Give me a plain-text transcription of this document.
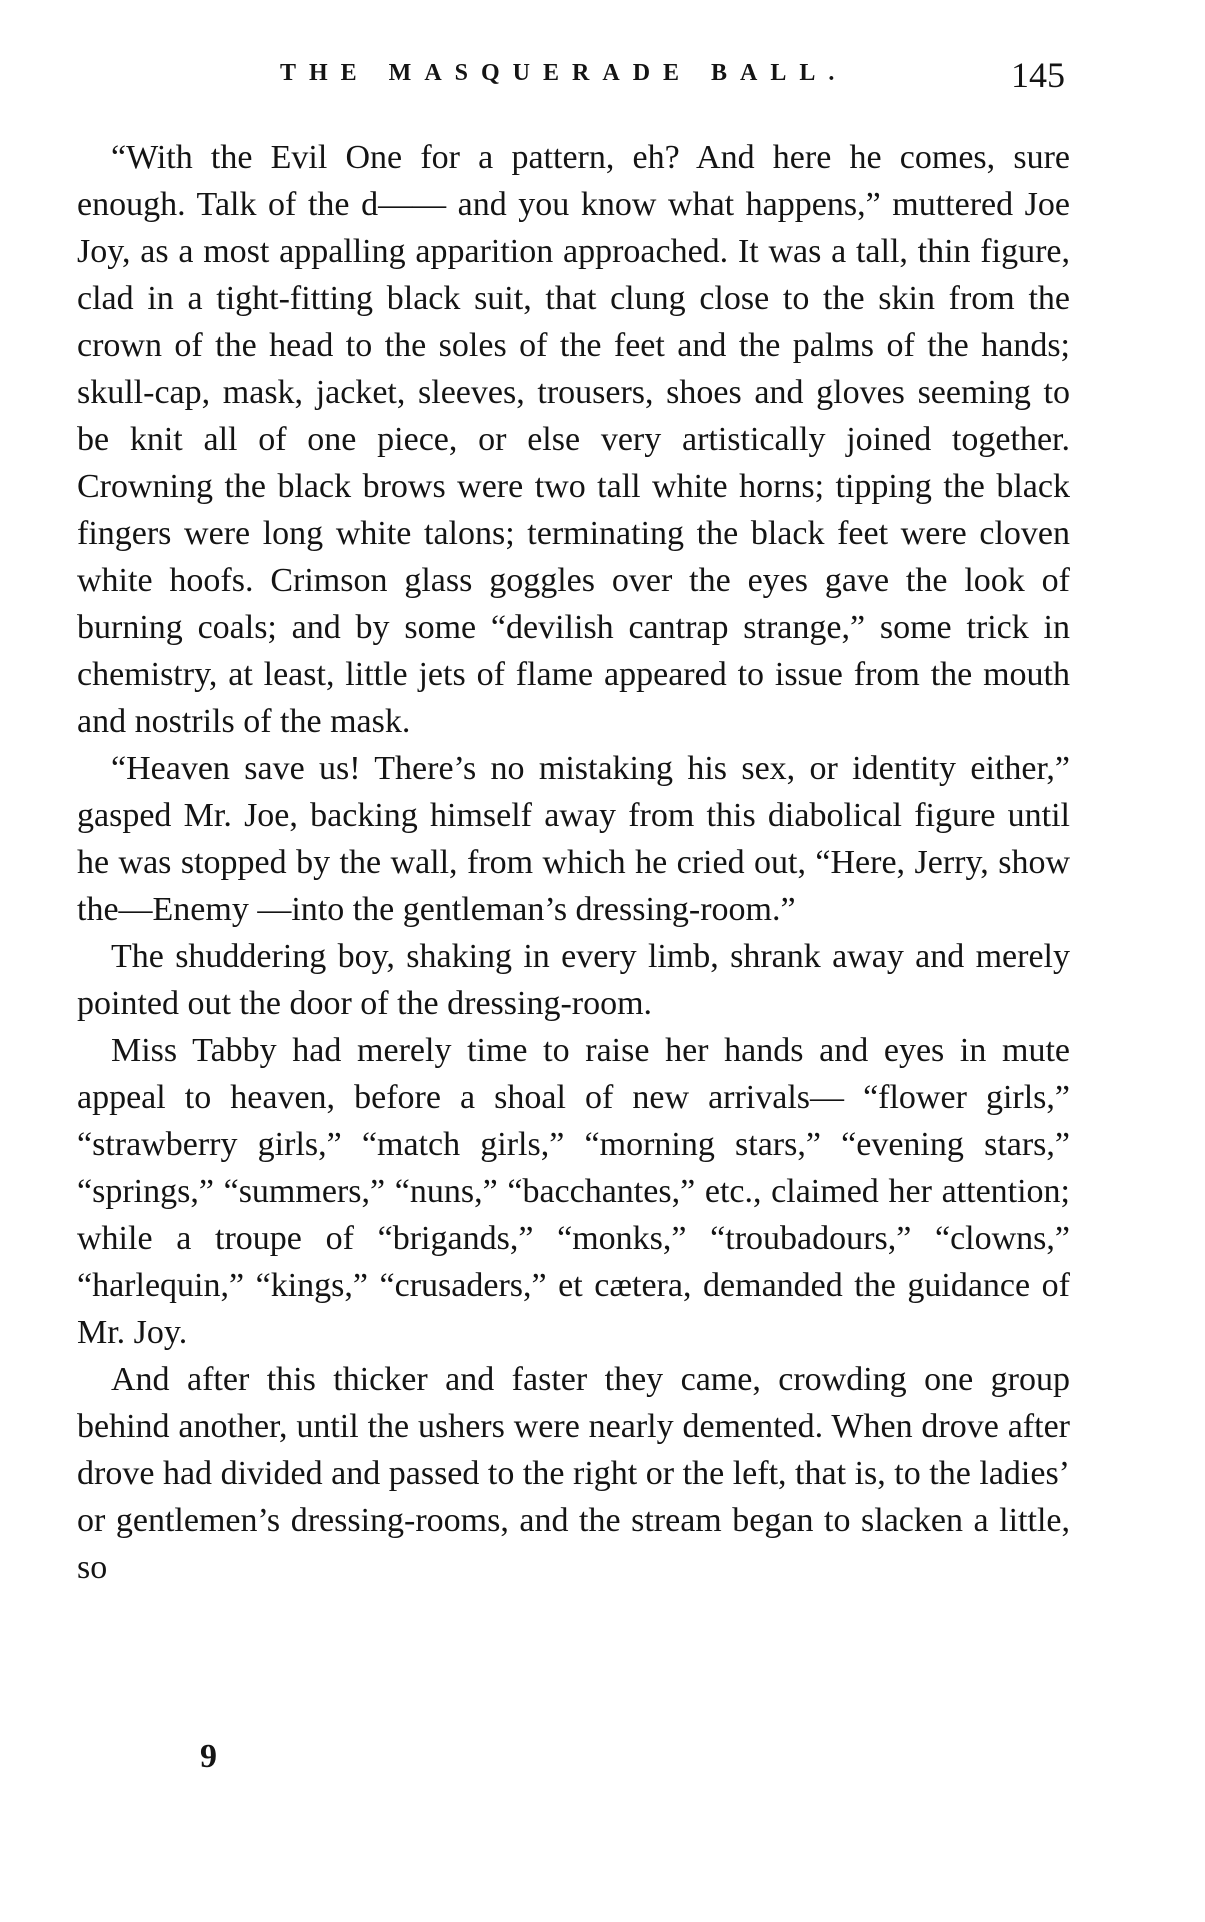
THE MASQUERADE BALL.	145

“With the Evil One for a pattern, eh? And here he comes, sure enough. Talk of the d—— and you know what happens,” muttered Joe Joy, as a most appalling apparition approached. It was a tall, thin figure, clad in a tight-fitting black suit, that clung close to the skin from the crown of the head to the soles of the feet and the palms of the hands; skull-cap, mask, jacket, sleeves, trousers, shoes and gloves seeming to be knit all of one piece, or else very artistically joined together. Crowning the black brows were two tall white horns; tipping the black fingers were long white talons; terminating the black feet were cloven white hoofs. Crimson glass goggles over the eyes gave the look of burning coals; and by some “devilish cantrap strange,” some trick in chemistry, at least, little jets of flame appeared to issue from the mouth and nostrils of the mask.

“Heaven save us! There’s no mistaking his sex, or identity either,” gasped Mr. Joe, backing himself away from this diabolical figure until he was stopped by the wall, from which he cried out, “Here, Jerry, show the—Enemy —into the gentleman’s dressing-room.”

The shuddering boy, shaking in every limb, shrank away and merely pointed out the door of the dressing-room.

Miss Tabby had merely time to raise her hands and eyes in mute appeal to heaven, before a shoal of new arrivals— “flower girls,” “strawberry girls,” “match girls,” “morning stars,” “evening stars,” “springs,” “summers,” “nuns,” “bacchantes,” etc., claimed her attention; while a troupe of “brigands,” “monks,” “troubadours,” “clowns,” “harlequin,” “kings,” “crusaders,” et cætera, demanded the guidance of Mr. Joy.

And after this thicker and faster they came, crowding one group behind another, until the ushers were nearly demented. When drove after drove had divided and passed to the right or the left, that is, to the ladies’ or gentlemen’s dressing-rooms, and the stream began to slacken a little, so

9
